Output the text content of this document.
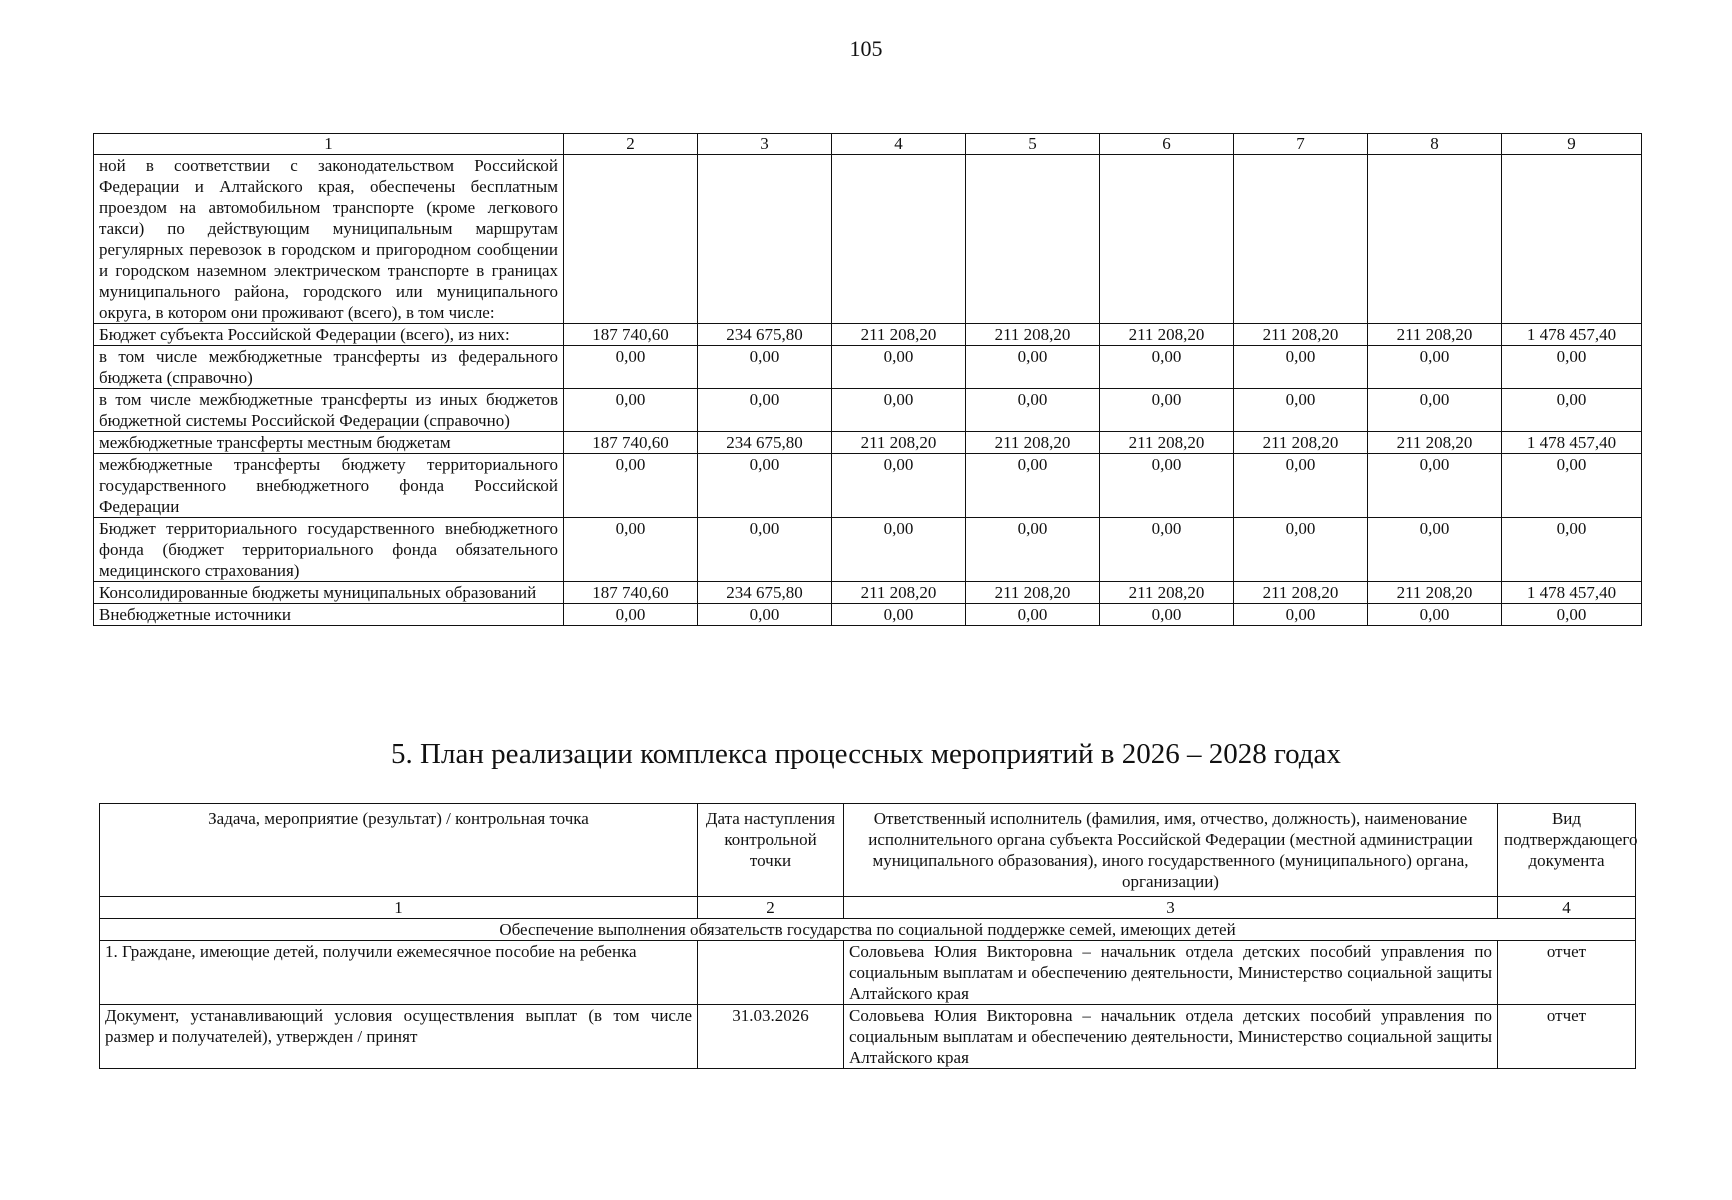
105
1	2	3	4	5	6	7	8	9
ной в соответствии с законодательством Российской Федерации и Алтайского края, обеспечены бесплатным проездом на автомобильном транспорте (кроме легкового такси) по действующим муниципальным маршрутам регулярных перевозок в городском и пригородном сообщении и городском наземном электрическом транспорте в границах муниципального района, городского или муниципального округа, в котором они проживают (всего), в том числе:								
Бюджет субъекта Российской Федерации (всего), из них:	187 740,60	234 675,80	211 208,20	211 208,20	211 208,20	211 208,20	211 208,20	1 478 457,40
в том числе межбюджетные трансферты из федерального бюджета (справочно)	0,00	0,00	0,00	0,00	0,00	0,00	0,00	0,00
в том числе межбюджетные трансферты из иных бюджетов бюджетной системы Российской Федерации (справочно)	0,00	0,00	0,00	0,00	0,00	0,00	0,00	0,00
межбюджетные трансферты местным бюджетам	187 740,60	234 675,80	211 208,20	211 208,20	211 208,20	211 208,20	211 208,20	1 478 457,40
межбюджетные трансферты бюджету территориального государственного внебюджетного фонда Российской Федерации	0,00	0,00	0,00	0,00	0,00	0,00	0,00	0,00
Бюджет территориального государственного внебюджетного фонда (бюджет территориального фонда обязательного медицинского страхования)	0,00	0,00	0,00	0,00	0,00	0,00	0,00	0,00
Консолидированные бюджеты муниципальных образований	187 740,60	234 675,80	211 208,20	211 208,20	211 208,20	211 208,20	211 208,20	1 478 457,40
Внебюджетные источники	0,00	0,00	0,00	0,00	0,00	0,00	0,00	0,00
5. План реализации комплекса процессных мероприятий в 2026 – 2028 годах
Задача, мероприятие (результат) / контрольная точка	Дата наступления контрольной точки	Ответственный исполнитель (фамилия, имя, отчество, должность), наименование исполнительного органа субъекта Российской Федерации (местной администрации муниципального образования), иного государственного (муниципального) органа, организации)	Вид подтверждающего документа
1	2	3	4
Обеспечение выполнения обязательств государства по социальной поддержке семей, имеющих детей			
1. Граждане, имеющие детей, получили ежемесячное пособие на ребенка		Соловьева Юлия Викторовна – начальник отдела детских пособий управления по социальным выплатам и обеспечению деятельности, Министерство социальной защиты Алтайского края	отчет
Документ, устанавливающий условия осуществления выплат (в том числе размер и получателей), утвержден / принят	31.03.2026	Соловьева Юлия Викторовна – начальник отдела детских пособий управления по социальным выплатам и обеспечению деятельности, Министерство социальной защиты Алтайского края	отчет
